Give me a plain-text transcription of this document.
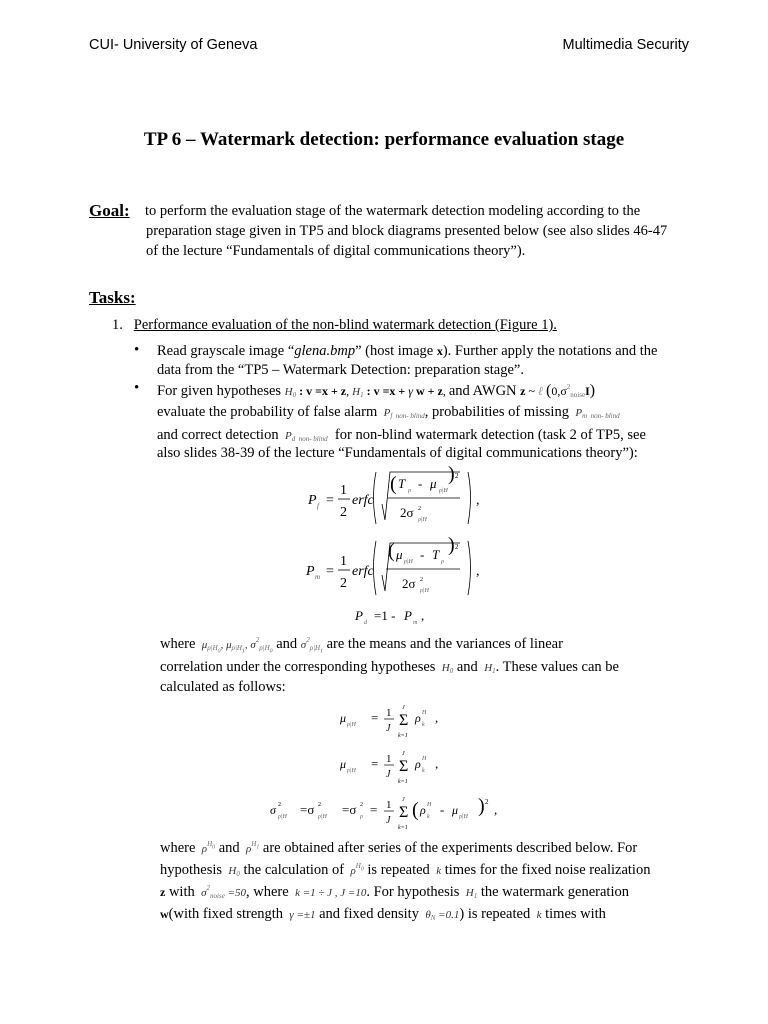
CUI- University of Geneva	Multimedia Security
TP 6 – Watermark detection: performance evaluation stage
Goal: to perform the evaluation stage of the watermark detection modeling according to the
preparation stage given in TP5 and block diagrams presented below (see also slides 46-47
of the lecture “Fundamentals of digital communications theory”).
Tasks:
1. Performance evaluation of the non-blind watermark detection (Figure 1).
• Read grayscale image “glena.bmp” (host image x). Further apply the notations and the
data from the “TP5 – Watermark Detection: preparation stage”.
• For given hypotheses $H_0$ : v =x + z, $H_1$ : v =x + γ w + z, and AWGN z ~ ℓ $(0,\sigma^2_{noise}I)$
evaluate the probability of false alarm  $P_{f non- blind}$, probabilities of missing  $P_{m non- blind}$
and correct detection  $P_{d non- blind}$ for non-blind watermark detection (task 2 of TP5, see
also slides 38-39 of the lecture “Fundamentals of digital communications theory”):
P f =
1
2
erfc
( T ρ - μ ρ|H
) 2
2σ 2
ρ|H
,
P m =
1
2
erfc
( μ ρ|H - T ρ
) 2
2σ 2
ρ|H
,
P d =1 - P m ,
where  $\mu_{\rho|H_0}$, $\mu_{\rho|H_1}$, $\sigma^2_{\rho|H_0}$ and $\sigma^2_{\rho|H_1}$ are the means and the variances of linear
correlation under the corresponding hypotheses  $H_0$ and  $H_1$. These values can be
calculated as follows:
μ ρ|H = 1
J Σ
J
k=1
ρ H
k ,
μ ρ|H = 1
J Σ
J
k=1
ρ H
k ,
σ 2
ρ|H =σ 2
ρ|H =σ 2
ρ = 1
J Σ
J
k=1
( ρ H
k - μ ρ|H ) 2 ,
where  $\rho^{H_0}$ and  $\rho^{H_1}$ are obtained after series of the experiments described below. For
hypothesis  $H_0$ the calculation of  $\rho^{H_0}$ is repeated  k times for the fixed noise realization
z with  $\sigma^2_{noise} =50$, where  k =1 ÷ J , J =10. For hypothesis  $H_1$ the watermark generation
w(with fixed strength  γ =±1 and fixed density  $\theta_N =0.1$) is repeated  k times with
